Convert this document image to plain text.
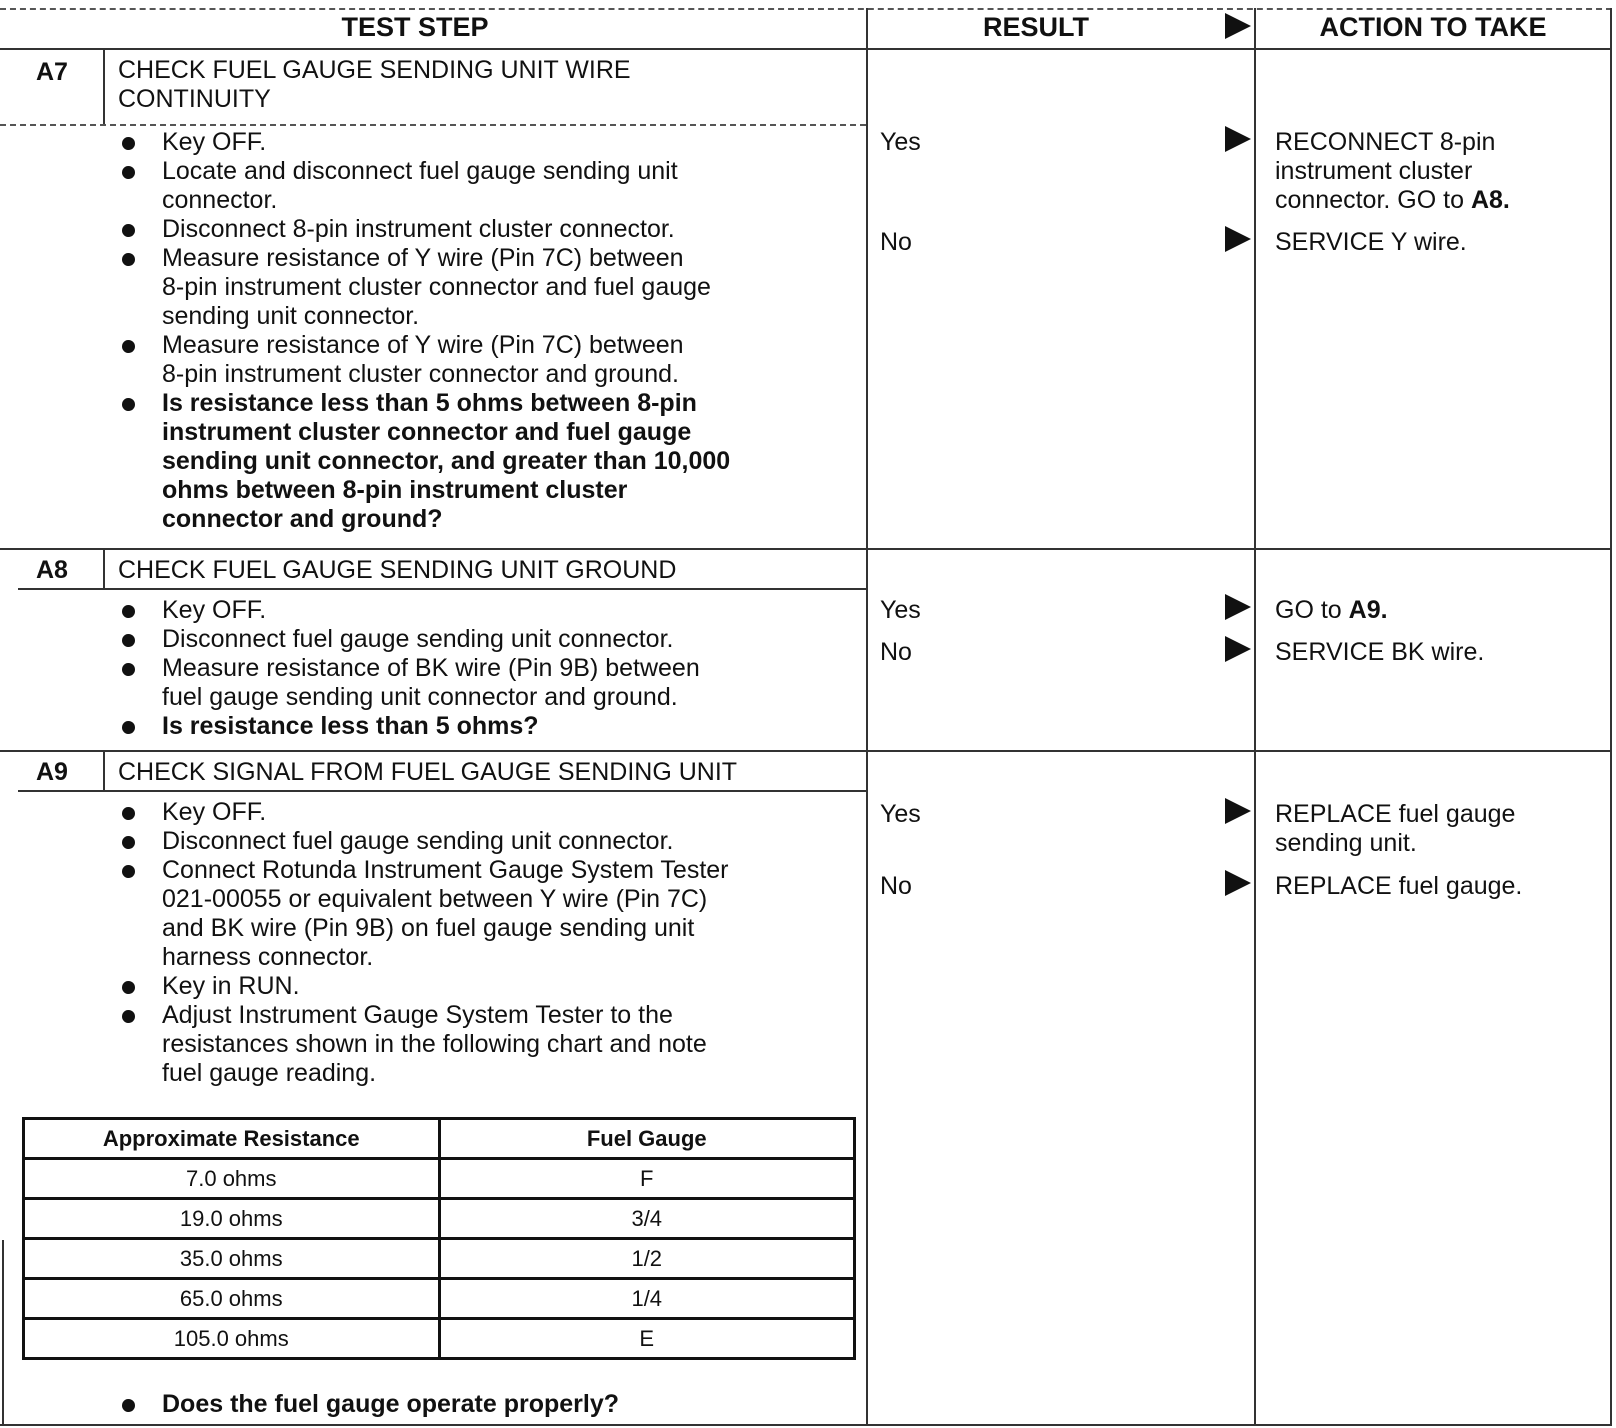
TEST STEP	RESULT	ACTION TO TAKE
A7 CHECK FUEL GAUGE SENDING UNIT WIRE
CONTINUITY
Key OFF.
Locate and disconnect fuel gauge sending unit
connector.
Disconnect 8-pin instrument cluster connector.
Measure resistance of Y wire (Pin 7C) between
8-pin instrument cluster connector and fuel gauge
sending unit connector.
Measure resistance of Y wire (Pin 7C) between
8-pin instrument cluster connector and ground.
Is resistance less than 5 ohms between 8-pin
instrument cluster connector and fuel gauge
sending unit connector, and greater than 10,000
ohms between 8-pin instrument cluster
connector and ground?
Yes	RECONNECT 8-pin
instrument cluster
connector. GO to A8.
No	SERVICE Y wire.
A8 CHECK FUEL GAUGE SENDING UNIT GROUND
Key OFF.
Disconnect fuel gauge sending unit connector.
Measure resistance of BK wire (Pin 9B) between
fuel gauge sending unit connector and ground.
Is resistance less than 5 ohms?
Yes	GO to A9.
No	SERVICE BK wire.
A9 CHECK SIGNAL FROM FUEL GAUGE SENDING UNIT
Key OFF.
Disconnect fuel gauge sending unit connector.
Connect Rotunda Instrument Gauge System Tester
021-00055 or equivalent between Y wire (Pin 7C)
and BK wire (Pin 9B) on fuel gauge sending unit
harness connector.
Key in RUN.
Adjust Instrument Gauge System Tester to the
resistances shown in the following chart and note
fuel gauge reading.
Approximate Resistance	Fuel Gauge
7.0 ohms	F
19.0 ohms	3/4
35.0 ohms	1/2
65.0 ohms	1/4
105.0 ohms	E
Does the fuel gauge operate properly?
Yes	REPLACE fuel gauge
sending unit.
No	REPLACE fuel gauge.
